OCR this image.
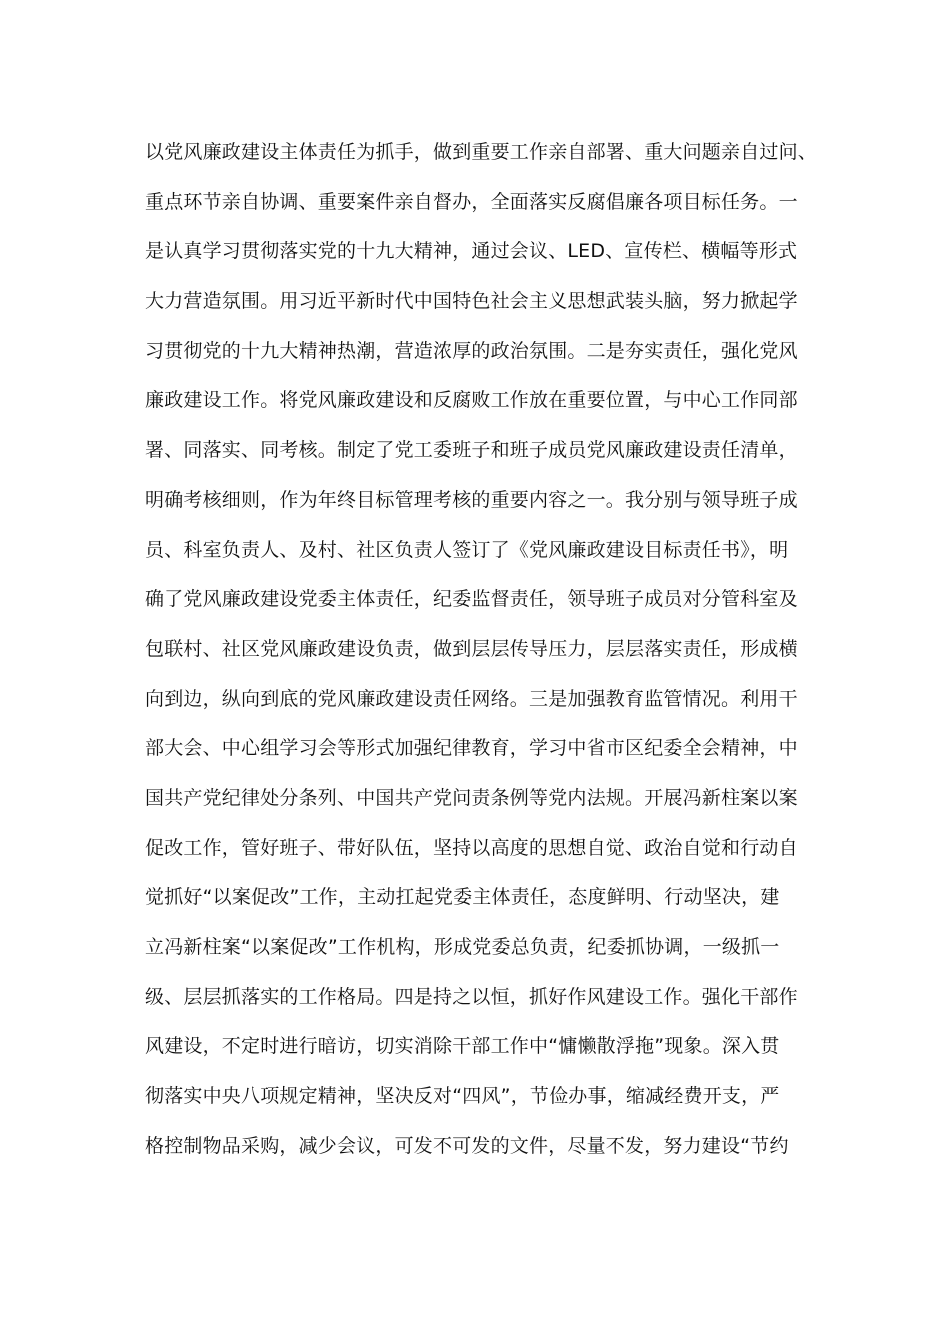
以党风廉政建设主体责任为抓手，做到重要工作亲自部署、重大问题亲自过问、
重点环节亲自协调、重要案件亲自督办，全面落实反腐倡廉各项目标任务。一
是认真学习贯彻落实党的十九大精神，通过会议、LED、宣传栏、横幅等形式
大力营造氛围。用习近平新时代中国特色社会主义思想武装头脑，努力掀起学
习贯彻党的十九大精神热潮，营造浓厚的政治氛围。二是夯实责任，强化党风
廉政建设工作。将党风廉政建设和反腐败工作放在重要位置，与中心工作同部
署、同落实、同考核。制定了党工委班子和班子成员党风廉政建设责任清单，
明确考核细则，作为年终目标管理考核的重要内容之一。我分别与领导班子成
员、科室负责人、及村、社区负责人签订了《党风廉政建设目标责任书》，明
确了党风廉政建设党委主体责任，纪委监督责任，领导班子成员对分管科室及
包联村、社区党风廉政建设负责，做到层层传导压力，层层落实责任，形成横
向到边，纵向到底的党风廉政建设责任网络。三是加强教育监管情况。利用干
部大会、中心组学习会等形式加强纪律教育，学习中省市区纪委全会精神，中
国共产党纪律处分条列、中国共产党问责条例等党内法规。开展冯新柱案以案
促改工作，管好班子、带好队伍，坚持以高度的思想自觉、政治自觉和行动自
觉抓好“以案促改”工作，主动扛起党委主体责任，态度鲜明、行动坚决，建
立冯新柱案“以案促改”工作机构，形成党委总负责，纪委抓协调，一级抓一
级、层层抓落实的工作格局。四是持之以恒，抓好作风建设工作。强化干部作
风建设，不定时进行暗访，切实消除干部工作中“慵懒散浮拖”现象。深入贯
彻落实中央八项规定精神，坚决反对“四风”，节俭办事，缩减经费开支，严
格控制物品采购，减少会议，可发不可发的文件，尽量不发，努力建设“节约
